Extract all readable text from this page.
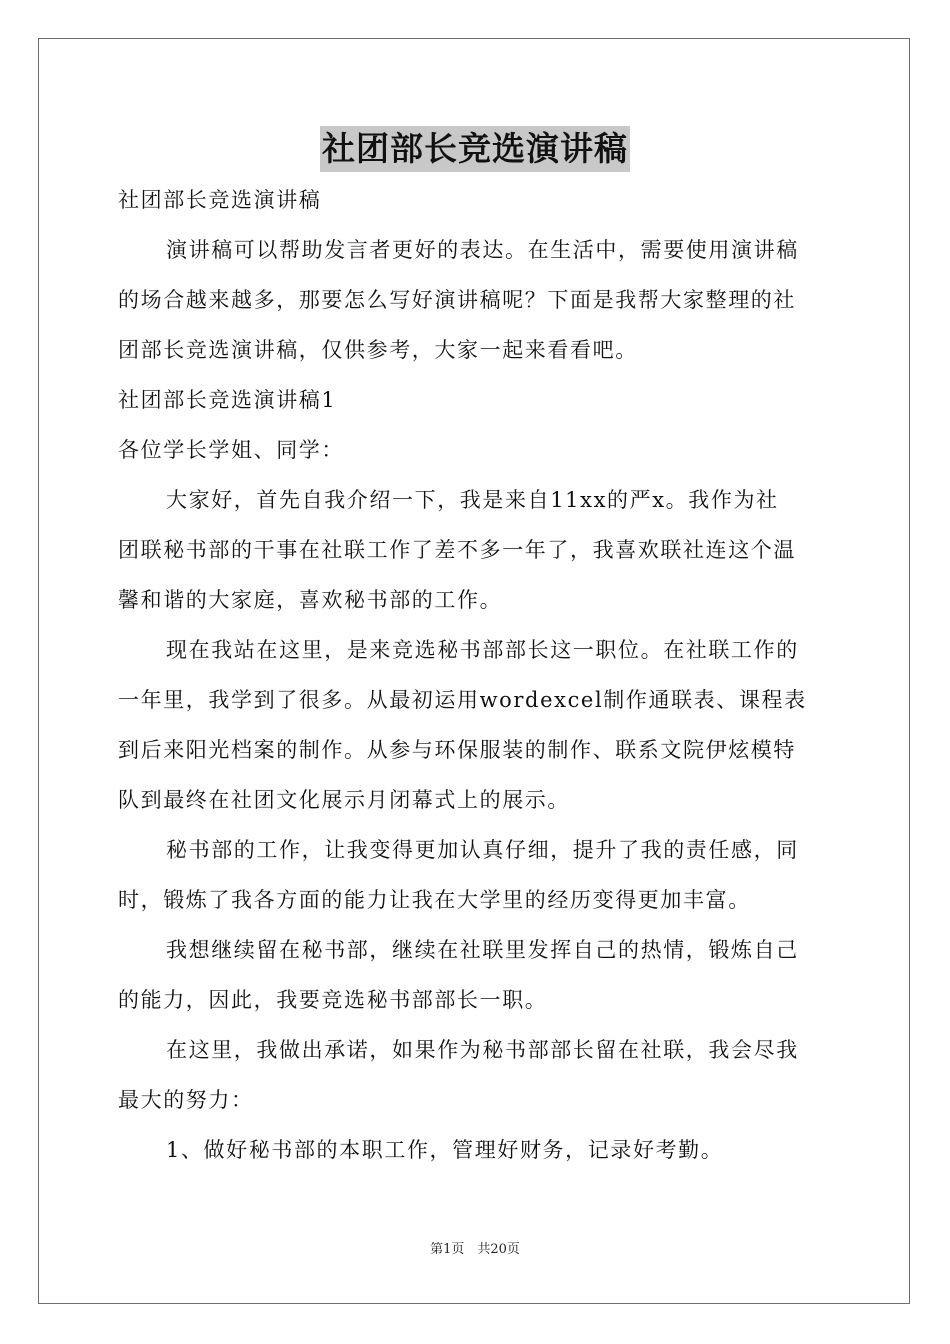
社团部长竞选演讲稿
社团部长竞选演讲稿
演讲稿可以帮助发言者更好的表达。在生活中，需要使用演讲稿
的场合越来越多，那要怎么写好演讲稿呢？下面是我帮大家整理的社
团部长竞选演讲稿，仅供参考，大家一起来看看吧。
社团部长竞选演讲稿1
各位学长学姐、同学：
大家好，首先自我介绍一下，我是来自11xx的严x。我作为社
团联秘书部的干事在社联工作了差不多一年了，我喜欢联社连这个温
馨和谐的大家庭，喜欢秘书部的工作。
现在我站在这里，是来竞选秘书部部长这一职位。在社联工作的
一年里，我学到了很多。从最初运用wordexcel制作通联表、课程表
到后来阳光档案的制作。从参与环保服装的制作、联系文院伊炫模特
队到最终在社团文化展示月闭幕式上的展示。
秘书部的工作，让我变得更加认真仔细，提升了我的责任感，同
时，锻炼了我各方面的能力让我在大学里的经历变得更加丰富。
我想继续留在秘书部，继续在社联里发挥自己的热情，锻炼自己
的能力，因此，我要竞选秘书部部长一职。
在这里，我做出承诺，如果作为秘书部部长留在社联，我会尽我
最大的努力：
1、做好秘书部的本职工作，管理好财务，记录好考勤。
第1页　共20页
